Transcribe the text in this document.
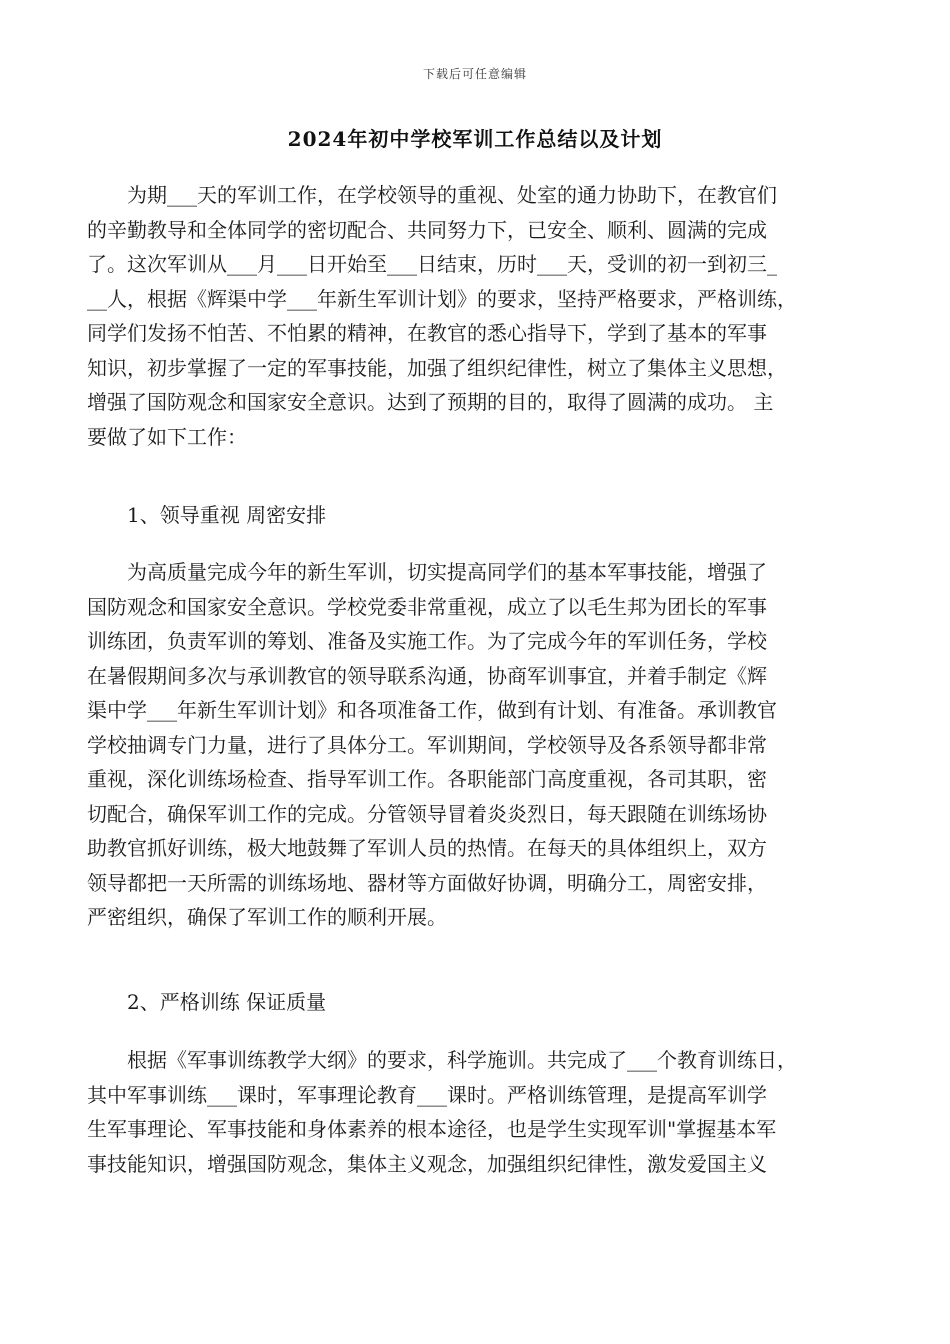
下载后可任意编辑
2024年初中学校军训工作总结以及计划
　　为期___天的军训工作，在学校领导的重视、处室的通力协助下，在教官们
的辛勤教导和全体同学的密切配合、共同努力下，已安全、顺利、圆满的完成
了。这次军训从___月___日开始至___日结束，历时___天，受训的初一到初三_
__人，根据《辉渠中学___年新生军训计划》的要求，坚持严格要求，严格训练，
同学们发扬不怕苦、不怕累的精神，在教官的悉心指导下，学到了基本的军事
知识，初步掌握了一定的军事技能，加强了组织纪律性，树立了集体主义思想，
增强了国防观念和国家安全意识。达到了预期的目的，取得了圆满的成功。 主
要做了如下工作：
　　1、领导重视 周密安排
　　为高质量完成今年的新生军训，切实提高同学们的基本军事技能，增强了
国防观念和国家安全意识。学校党委非常重视，成立了以毛生邦为团长的军事
训练团，负责军训的筹划、准备及实施工作。为了完成今年的军训任务，学校
在暑假期间多次与承训教官的领导联系沟通，协商军训事宜，并着手制定《辉
渠中学___年新生军训计划》和各项准备工作，做到有计划、有准备。承训教官
学校抽调专门力量，进行了具体分工。军训期间，学校领导及各系领导都非常
重视，深化训练场检查、指导军训工作。各职能部门高度重视，各司其职，密
切配合，确保军训工作的完成。分管领导冒着炎炎烈日，每天跟随在训练场协
助教官抓好训练，极大地鼓舞了军训人员的热情。在每天的具体组织上，双方
领导都把一天所需的训练场地、器材等方面做好协调，明确分工，周密安排，
严密组织，确保了军训工作的顺利开展。
　　2、严格训练 保证质量
　　根据《军事训练教学大纲》的要求，科学施训。共完成了___个教育训练日，
其中军事训练___课时，军事理论教育___课时。严格训练管理，是提高军训学
生军事理论、军事技能和身体素养的根本途径，也是学生实现军训"掌握基本军
事技能知识，增强国防观念，集体主义观念，加强组织纪律性，激发爱国主义
